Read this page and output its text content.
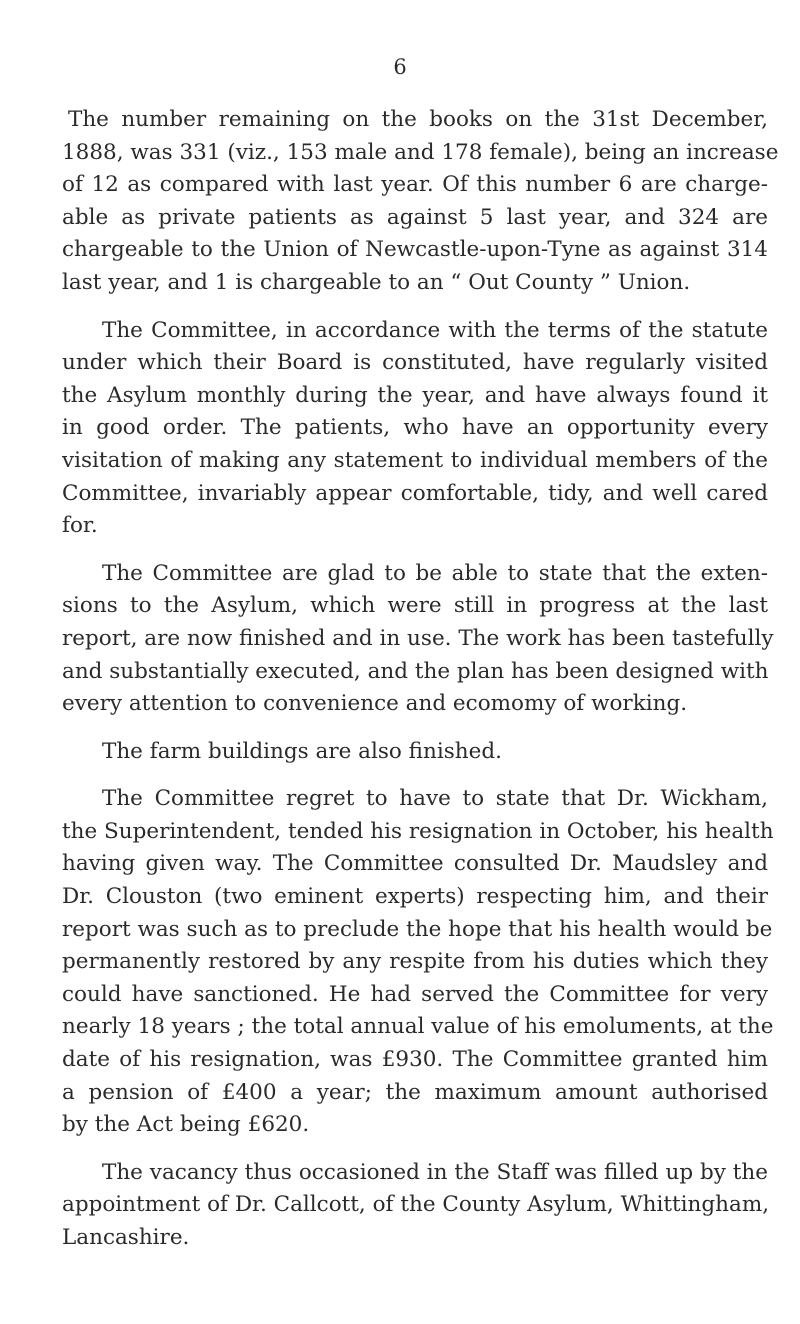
6
The number remaining on the books on the 31st December,
1888, was 331 (viz., 153 male and 178 female), being an increase
of 12 as compared with last year. Of this number 6 are charge-
able as private patients as against 5 last year, and 324 are
chargeable to the Union of Newcastle-upon-Tyne as against 314
last year, and 1 is chargeable to an “ Out County ” Union.
The Committee, in accordance with the terms of the statute
under which their Board is constituted, have regularly visited
the Asylum monthly during the year, and have always found it
in good order. The patients, who have an opportunity every
visitation of making any statement to individual members of the
Committee, invariably appear comfortable, tidy, and well cared
for.
The Committee are glad to be able to state that the exten-
sions to the Asylum, which were still in progress at the last
report, are now finished and in use. The work has been tastefully
and substantially executed, and the plan has been designed with
every attention to convenience and ecomomy of working.
The farm buildings are also finished.
The Committee regret to have to state that Dr. Wickham,
the Superintendent, tended his resignation in October, his health
having given way. The Committee consulted Dr. Maudsley and
Dr. Clouston (two eminent experts) respecting him, and their
report was such as to preclude the hope that his health would be
permanently restored by any respite from his duties which they
could have sanctioned. He had served the Committee for very
nearly 18 years ; the total annual value of his emoluments, at the
date of his resignation, was £930. The Committee granted him
a pension of £400 a year; the maximum amount authorised
by the Act being £620.
The vacancy thus occasioned in the Staff was filled up by the
appointment of Dr. Callcott, of the County Asylum, Whittingham,
Lancashire.
